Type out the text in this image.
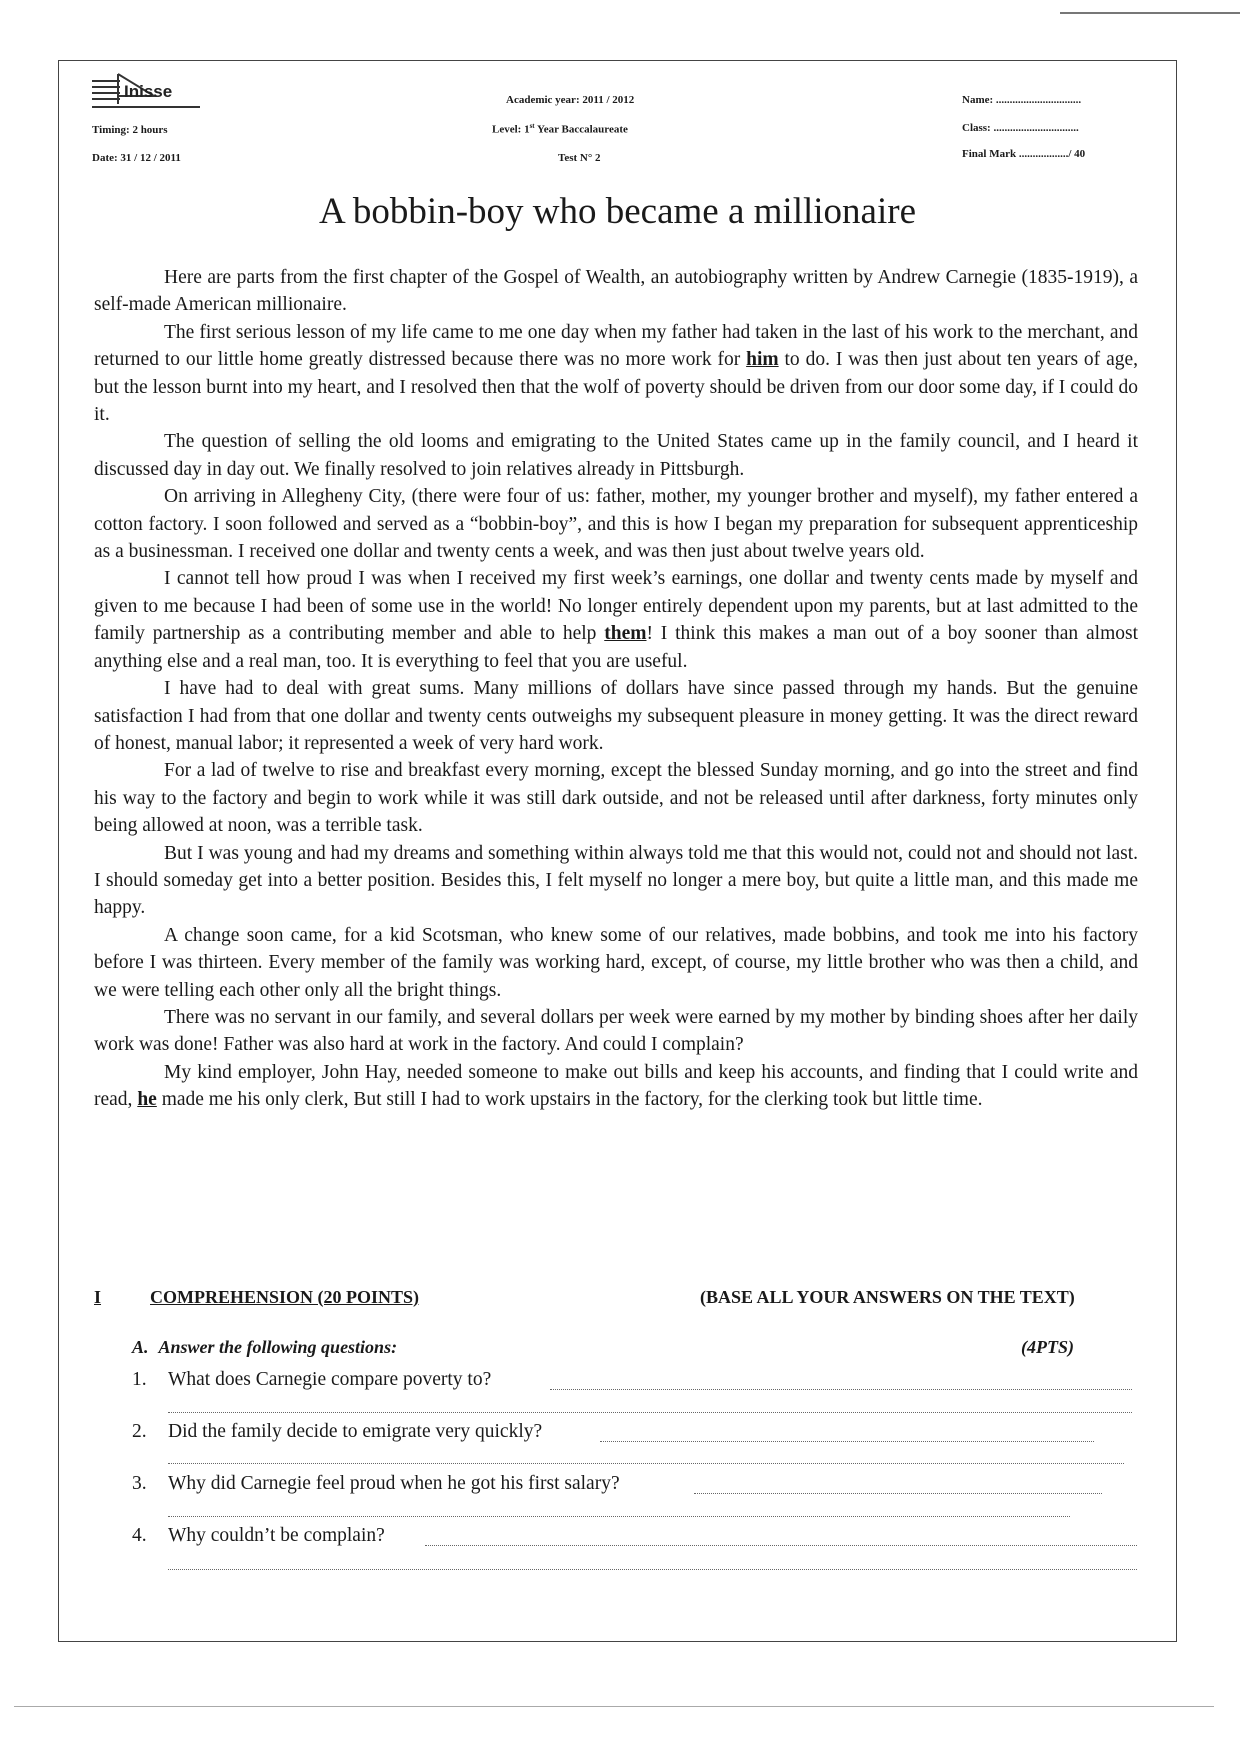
Inisse
Timing: 2 hours
Date: 31 / 12 / 2011
Academic year: 2011 / 2012
Level: 1st Year Baccalaureate
Test N° 2
Name: ...............................
Class: ...............................
Final Mark ................../ 40
A bobbin-boy who became a millionaire

Here are parts from the first chapter of the Gospel of Wealth, an autobiography written by Andrew Carnegie (1835-1919), a self-made American millionaire.

The first serious lesson of my life came to me one day when my father had taken in the last of his work to the merchant, and returned to our little home greatly distressed because there was no more work for him to do. I was then just about ten years of age, but the lesson burnt into my heart, and I resolved then that the wolf of poverty should be driven from our door some day, if I could do it.

The question of selling the old looms and emigrating to the United States came up in the family council, and I heard it discussed day in day out. We finally resolved to join relatives already in Pittsburgh.

On arriving in Allegheny City, (there were four of us: father, mother, my younger brother and myself), my father entered a cotton factory. I soon followed and served as a “bobbin-boy”, and this is how I began my preparation for subsequent apprenticeship as a businessman. I received one dollar and twenty cents a week, and was then just about twelve years old.

I cannot tell how proud I was when I received my first week’s earnings, one dollar and twenty cents made by myself and given to me because I had been of some use in the world! No longer entirely dependent upon my parents, but at last admitted to the family partnership as a contributing member and able to help them! I think this makes a man out of a boy sooner than almost anything else and a real man, too. It is everything to feel that you are useful.

I have had to deal with great sums. Many millions of dollars have since passed through my hands. But the genuine satisfaction I had from that one dollar and twenty cents outweighs my subsequent pleasure in money getting. It was the direct reward of honest, manual labor; it represented a week of very hard work.

For a lad of twelve to rise and breakfast every morning, except the blessed Sunday morning, and go into the street and find his way to the factory and begin to work while it was still dark outside, and not be released until after darkness, forty minutes only being allowed at noon, was a terrible task.

But I was young and had my dreams and something within always told me that this would not, could not and should not last. I should someday get into a better position. Besides this, I felt myself no longer a mere boy, but quite a little man, and this made me happy.

A change soon came, for a kid Scotsman, who knew some of our relatives, made bobbins, and took me into his factory before I was thirteen. Every member of the family was working hard, except, of course, my little brother who was then a child, and we were telling each other only all the bright things.

There was no servant in our family, and several dollars per week were earned by my mother by binding shoes after her daily work was done! Father was also hard at work in the factory. And could I complain?

My kind employer, John Hay, needed someone to make out bills and keep his accounts, and finding that I could write and read, he made me his only clerk, But still I had to work upstairs in the factory, for the clerking took but little time.

I	COMPREHENSION (20 POINTS)	(BASE ALL YOUR ANSWERS ON THE TEXT)
A. Answer the following questions:	(4PTS)
1. What does Carnegie compare poverty to?
2. Did the family decide to emigrate very quickly?
3. Why did Carnegie feel proud when he got his first salary?
4. Why couldn’t be complain?
